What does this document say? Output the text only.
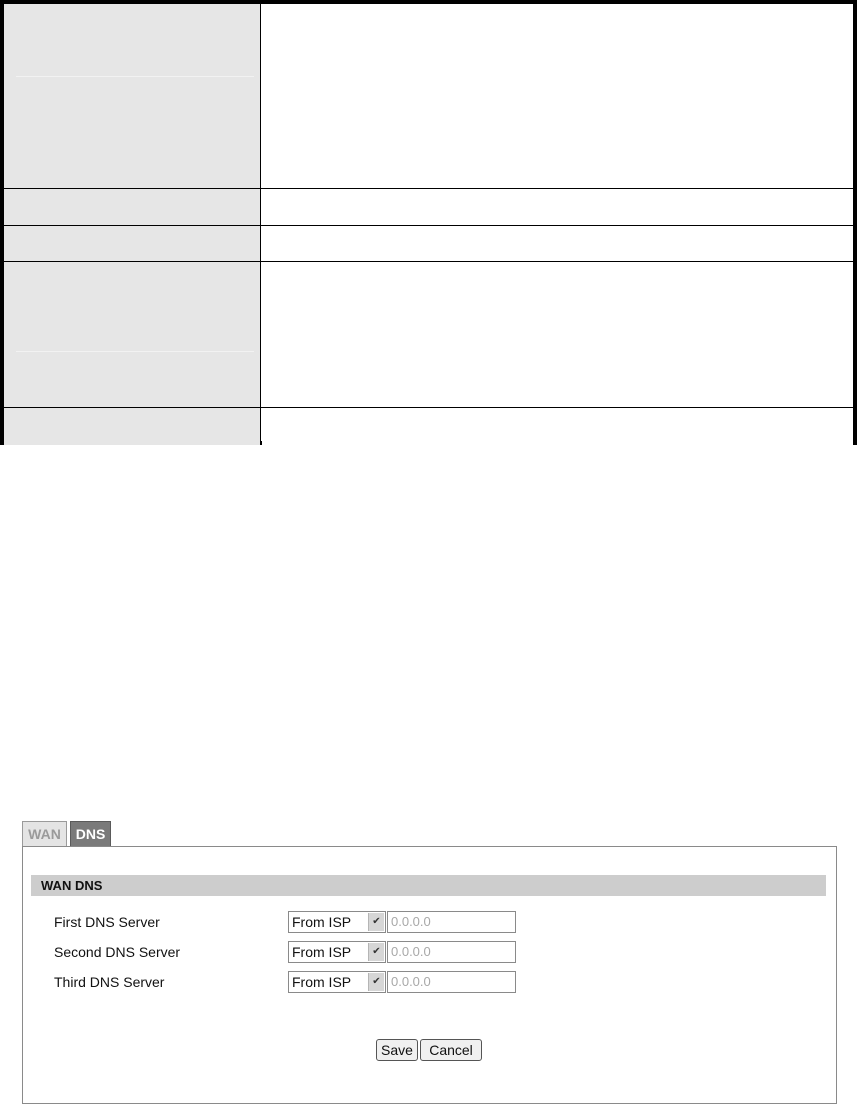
WAN	DNS
WAN DNS
First DNS Server	From ISP	✔ 0.0.0.0
Second DNS Server	From ISP	✔ 0.0.0.0
Third DNS Server	From ISP	✔ 0.0.0.0
Save	Cancel
